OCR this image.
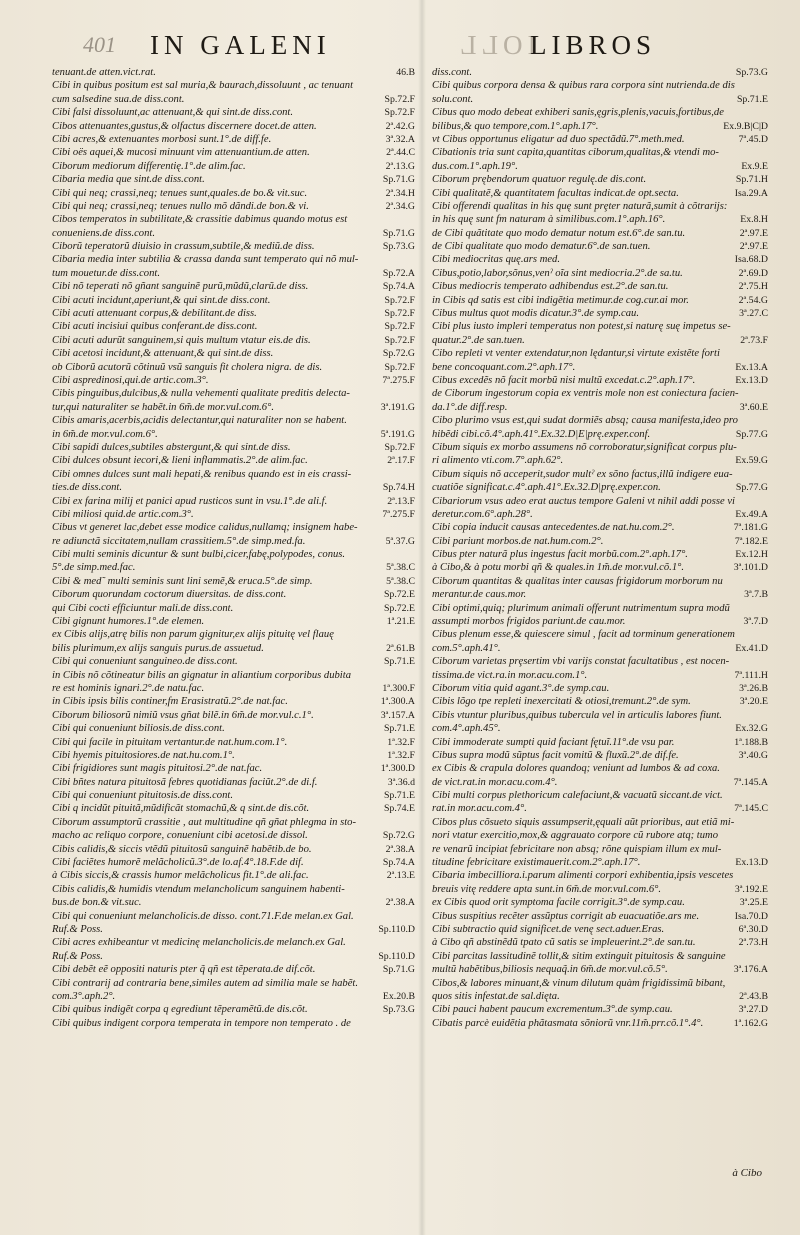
401 IN GALENI	IOLL
LIBROS
tenuant.de atten.vict.rat.	46.B
Cibi in quibus positum est sal muria,& baurach,dissoluunt , ac tenuant
cum salsedine sua.de diss.cont.	Sp.72.F
Cibi falsi dissoluunt,ac attenuant,& qui sint.de diss.cont.	Sp.72.F
Cibos attenuantes,gustus,& olfactus discernere docet.de atten.	2ª.42.G
Cibi acres,& extenuantes morbosi sunt.1°.de diff.fe.	3ª.32.A
Cibi oës aquei,& mucosi minuunt vim attenuantium.de atten.	2ª.44.C
Ciborum mediorum differentię.1°.de alim.fac.	2ª.13.G
Cibaria media que sint.de diss.cont.	Sp.71.G
Cibi qui neq; crassi,neq; tenues sunt,quales.de bo.& vit.suc.	2ª.34.H
Cibi qui neq; crassi,neq; tenues nullo mõ dãndi.de bon.& vi.	2ª.34.G
Cibos temperatos in subtilitate,& crassitie dabimus quando motus est
conueniens.de diss.cont.	Sp.71.G
Ciborũ teperatorũ diuisio in crassum,subtile,& mediũ.de diss.	Sp.73.G
Cibaria media inter subtilia & crassa danda sunt temperato qui nõ mul-
tum mouetur.de diss.cont.	Sp.72.A
Cibi nõ teperati nõ gñant sanguinẽ purũ,mũdũ,clarũ.de diss.	Sp.74.A
Cibi acuti incidunt,aperiunt,& qui sint.de diss.cont.	Sp.72.F
Cibi acuti attenuant corpus,& debilitant.de diss.	Sp.72.F
Cibi acuti incisiui quibus conferant.de diss.cont.	Sp.72.F
Cibi acuti adurũt sanguinem,si quis multum vtatur eis.de dis.	Sp.72.F
Cibi acetosi incidunt,& attenuant,& qui sint.de diss.	Sp.72.G
ob Ciborũ acutorũ cõtinuũ vsũ sanguis fit cholera nigra. de dis.	Sp.72.F
Cibi aspredinosi,qui.de artic.com.3°.	7ª.275.F
Cibis pinguibus,dulcibus,& nulla vehementi qualitate preditis delecta-
tur,qui naturaliter se habẽt.in 6m̃.de mor.vul.com.6°.	3ª.191.G
Cibis amaris,acerbis,acidis delectantur,qui naturaliter non se habent.
in 6m̃.de mor.vul.com.6°.	5ª.191.G
Cibi sapidi dulces,subtiles abstergunt,& qui sint.de diss.	Sp.72.F
Cibi dulces obsunt iecori,& lieni inflammatis.2°.de alim.fac.	2ª.17.F
Cibi omnes dulces sunt mali hepati,& renibus quando est in eis crassi-
ties.de diss.cont.	Sp.74.H
Cibi ex farina milij et panici apud rusticos sunt in vsu.1°.de ali.f.	2ª.13.F
Cibi miliosi quid.de artic.com.3°.	7ª.275.F
Cibus vt generet lac,debet esse modice calidus,nullamq; insignem habe-
re adiunctã siccitatem,nullam crassitiem.5°.de simp.med.fa.	5ª.37.G
Cibi multi seminis dicuntur & sunt bulbi,cicer,fabę,polypodes, conus.
5°.de simp.med.fac.	5ª.38.C
Cibi & med˜ multi seminis sunt lini semẽ,& eruca.5°.de simp.	5ª.38.C
Ciborum quorundam coctorum diuersitas. de diss.cont.	Sp.72.E
qui Cibi cocti efficiuntur mali.de diss.cont.	Sp.72.E
Cibi gignunt humores.1°.de elemen.	1ª.21.E
ex Cibis alijs,atrę bilis non parum gignitur,ex alijs pituitę vel flauę
bilis plurimum,ex alijs sanguis purus.de assuetud.	2ª.61.B
Cibi qui conueniunt sanguineo.de diss.cont.	Sp.71.E
in Cibis nõ cõtineatur bilis an gignatur in aliantium corporibus dubita
re est hominis ignari.2°.de natu.fac.	1ª.300.F
in Cibis ipsis bilis continer,fm Erasistratũ.2°.de nat.fac.	1ª.300.A
Ciborum biliosorũ nimiũ vsus gñat bilẽ.in 6m̃.de mor.vul.c.1°.	3ª.157.A
Cibi qui conueniunt biliosis.de diss.cont.	Sp.71.E
Cibi qui facile in pituitam vertantur.de nat.hum.com.1°.	1ª.32.F
Cibi hyemis pituitosiores.de nat.hu.com.1°.	1ª.32.F
Cibi frigidiores sunt magis pituitosi.2°.de nat.fac.	1ª.300.D
Cibi bñtes natura pituitosã febres quotidianas faciũt.2°.de di.f.	3ª.36.d
Cibi qui conueniunt pituitosis.de diss.cont.	Sp.71.E
Cibi q incidũt pituitã,mũdificãt stomachũ,& q sint.de dis.cõt.	Sp.74.E
Ciborum assumptorũ crassitie , aut multitudine qñ gñat phlegma in sto-
macho ac reliquo corpore, conueniunt cibi acetosi.de dissol.	Sp.72.G
Cibis calidis,& siccis vtẽdũ pituitosũ sanguinẽ habẽtib.de bo.	2ª.38.A
Cibi faciẽtes humorẽ melãcholicũ.3°.de lo.af.4°.18.F.de dif.	Sp.74.A
à Cibis siccis,& crassis humor melãcholicus fit.1°.de ali.fac.	2ª.13.E
Cibis calidis,& humidis vtendum melancholicum sanguinem habenti-
bus.de bon.& vit.suc.	2ª.38.A
Cibi qui conueniunt melancholicis.de disso. cont.71.F.de melan.ex Gal.
Ruf.& Poss.	Sp.110.D
Cibi acres exhibeantur vt medicinę melancholicis.de melanch.ex Gal.
Ruf.& Poss.	Sp.110.D
Cibi debẽt eẽ oppositi naturis pter q̃ qñ est tẽperata.de dif.cõt.	Sp.71.G
Cibi contrarij ad contraria bene,similes autem ad similia male se habẽt.
com.3°.aph.2°.	Ex.20.B
Cibi quibus indigẽt corpa q egrediunt tẽperamẽtũ.de dis.cõt.	Sp.73.G
Cibi quibus indigent corpora temperata in tempore non temperato . de
diss.cont.	Sp.73.G
Cibi quibus corpora densa & quibus rara corpora sint nutrienda.de dis
solu.cont.	Sp.71.E
Cibus quo modo debeat exhiberi sanis,ęgris,plenis,vacuis,fortibus,de
bilibus,& quo tempore,com.1°.aph.17°.	Ex.9.B|C|D
vt Cibus opportunus eligatur ad duo spectãdũ.7°.meth.med.	7ª.45.D
Cibationis tria sunt capita,quantitas ciborum,qualitas,& vtendi mo-
dus.com.1°.aph.19°.	Ex.9.E
Ciborum prębendorum quatuor regulę.de dis.cont.	Sp.71.H
Cibi qualitatẽ,& quantitatem facultas indicat.de opt.secta.	Isa.29.A
Cibi offerendi qualitas in his quę sunt prȩter naturã,sumit à cõtrarijs:
in his quę sunt fm naturam à similibus.com.1°.aph.16°.	Ex.8.H
de Cibi quãtitate quo modo dematur notum est.6°.de san.tu.	2ª.97.E
de Cibi qualitate quo modo dematur.6°.de san.tuen.	2ª.97.E
Cibi mediocritas quę.ars med.	Isa.68.D
Cibus,potio,labor,sõnus,venˀ oĩa sint mediocria.2°.de sa.tu.	2ª.69.D
Cibus mediocris temperato adhibendus est.2°.de san.tu.	2ª.75.H
in Cibis qd satis est cibi indigẽtia metimur.de cog.cur.ai mor.	2ª.54.G
Cibus multus quot modis dicatur.3°.de symp.cau.	3ª.27.C
Cibi plus iusto impleri temperatus non potest,si naturę suę impetus se-
quatur.2°.de san.tuen.	2ª.73.F
Cibo repleti vt venter extendatur,non lędantur,si virtute existẽte forti
bene concoquant.com.2°.aph.17°.	Ex.13.A
Cibus excedẽs nõ facit morbũ nisi multũ excedat.c.2°.aph.17°.	Ex.13.D
de Ciborum ingestorum copia ex ventris mole non est coniectura facien-
da.1°.de diff.resp.	3ª.60.E
Cibo plurimo vsus est,qui sudat dormiẽs absq; causa manifesta,ideo pro
hibẽdi cibi.cõ.4°.aph.41°.Ex.32.D|E|prę.exper.conf.	Sp.77.G
Cibum siquis ex morbo assumens nõ corroboratur,significat corpus plu-
ri alimento vti.com.7°.aph.62°.	Ex.59.G
Cibum siquis nõ acceperit,sudor multˀ ex sõno factus,illũ indigere eua-
cuatiõe significat.c.4°.aph.41°.Ex.32.D|prę.exper.con.	Sp.77.G
Cibariorum vsus adeo erat auctus tempore Galeni vt nihil addi posse vi
deretur.com.6°.aph.28°.	Ex.49.A
Cibi copia inducit causas antecedentes.de nat.hu.com.2°.	7ª.181.G
Cibi pariunt morbos.de nat.hum.com.2°.	7ª.182.E
Cibus pter naturã plus ingestus facit morbũ.com.2°.aph.17°.	Ex.12.H
à Cibo,& à potu morbi qñ & quales.in 1m̃.de mor.vul.cõ.1°.	3ª.101.D
Ciborum quantitas & qualitas inter causas frigidorum morborum nu
merantur.de caus.mor.	3ª.7.B
Cibi optimi,quiq; plurimum animali offerunt nutrimentum supra modũ
assumpti morbos frigidos pariunt.de cau.mor.	3ª.7.D
Cibus plenum esse,& quiescere simul , facit ad torminum generationem
com.5°.aph.41°.	Ex.41.D
Ciborum varietas prȩsertim vbi varijs constat facultatibus , est nocen-
tissima.de vict.ra.in mor.acu.com.1°.	7ª.111.H
Ciborum vitia quid agant.3°.de symp.cau.	3ª.26.B
Cibis lõgo tpe repleti inexercitati & otiosi,tremunt.2°.de sym.	3ª.20.E
Cibis vtuntur pluribus,quibus tubercula vel in articulis labores fiunt.
com.4°.aph.45°.	Ex.32.G
Cibi immoderate sumpti quid faciant fętuĩ.11°.de vsu par.	1ª.188.B
Cibus supra modũ sũptus facit vomitũ & fluxũ.2°.de dif.fe.	3ª.40.G
ex Cibis & crapula dolores quandoq; veniunt ad lumbos & ad coxa.
de vict.rat.in mor.acu.com.4°.	7ª.145.A
Cibi multi corpus plethoricum calefaciunt,& vacuatũ siccant.de vict.
rat.in mor.acu.com.4°.	7ª.145.C
Cibos plus cõsueto siquis assumpserit,ęquali aũt prioribus, aut etiã mi-
nori vtatur exercitio,mox,& aggrauato corpore cũ rubore atq; tumo
re venarũ incipiat febricitare non absq; rõne quispiam illum ex mul-
titudine febricitare existimauerit.com.2°.aph.17°.	Ex.13.D
Cibaria imbecilliora.i.parum alimenti corpori exhibentia,ipsis vescetes
breuis vitę reddere apta sunt.in 6m̃.de mor.vul.com.6°.	3ª.192.E
ex Cibis quod orit symptoma facile corrigit.3°.de symp.cau.	3ª.25.E
Cibus suspitius recẽter assũptus corrigit ab euacuatiõe.ars me.	Isa.70.D
Cibi subtractio quid significet.de venę sect.aduer.Eras.	6ª.30.D
à Cibo qñ abstinẽdũ tpato cũ satis se impleuerint.2°.de san.tu.	2ª.73.H
Cibi parcitas lassitudinẽ tollit,& sitim extinguit pituitosis & sanguine
multũ habẽtibus,biliosis nequaq̃.in 6m̃.de mor.vul.cõ.5°.	3ª.176.A
Cibos,& labores minuant,& vinum dilutum quàm frigidissimũ bibant,
quos sitis infestat.de sal.dięta.	2ª.43.B
Cibi pauci habent paucum excrementum.3°.de symp.cau.	3ª.27.D
Cibatis parcè euidẽtia phãtasmata sõniorũ vnr.11m̃.prr.cõ.1°.4°.	1ª.162.G
à Cibo
